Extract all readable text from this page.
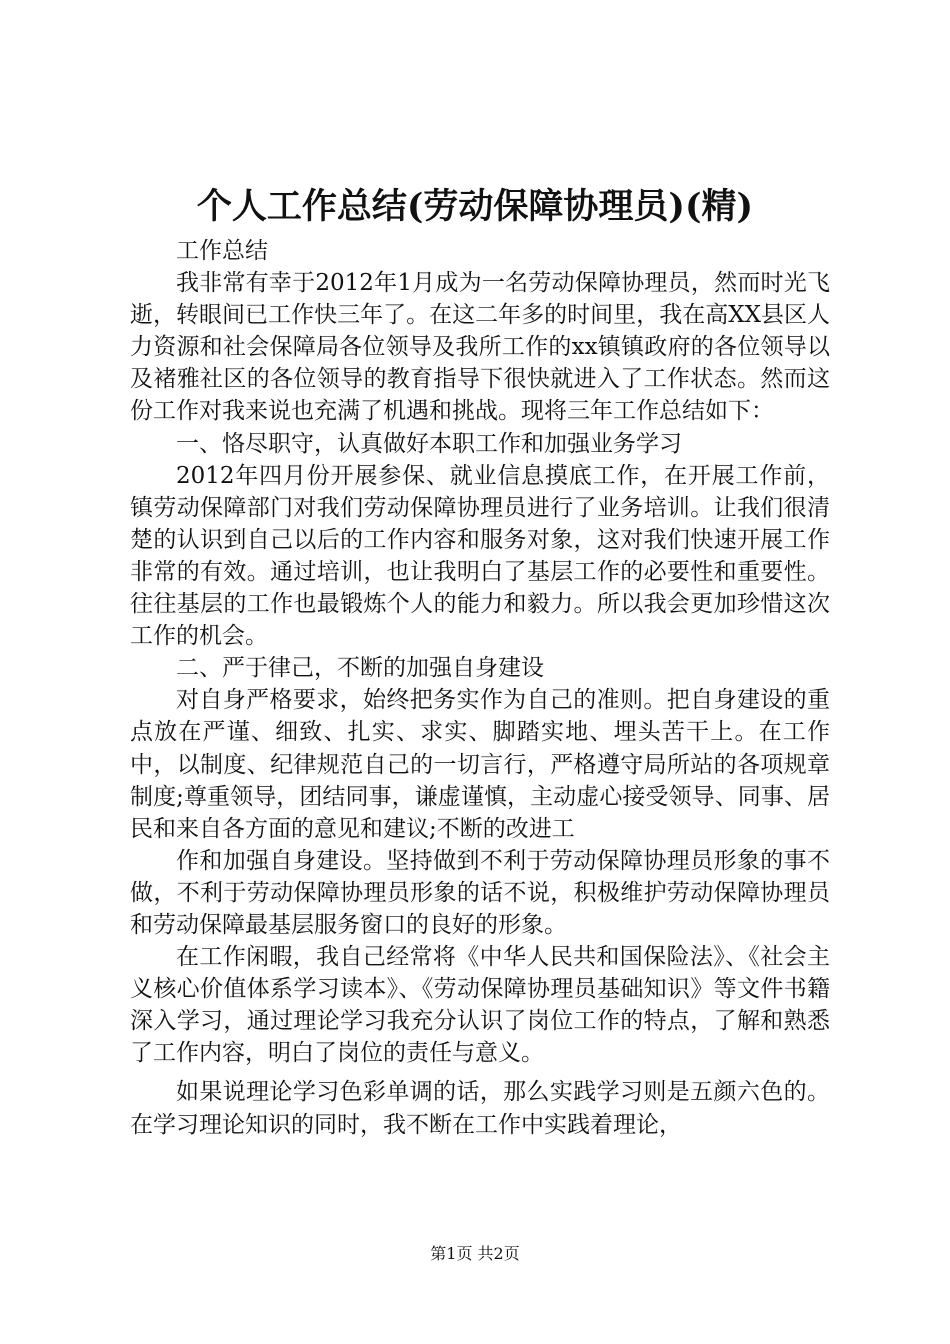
个人工作总结(劳动保障协理员)(精)

工作总结

我非常有幸于2012年1月成为一名劳动保障协理员，然而时光飞逝，转眼间已工作快三年了。在这二年多的时间里，我在高XX县区人力资源和社会保障局各位领导及我所工作的xx镇镇政府的各位领导以及褚雅社区的各位领导的教育指导下很快就进入了工作状态。然而这份工作对我来说也充满了机遇和挑战。现将三年工作总结如下：

一、恪尽职守，认真做好本职工作和加强业务学习

2012年四月份开展参保、就业信息摸底工作，在开展工作前，镇劳动保障部门对我们劳动保障协理员进行了业务培训。让我们很清楚的认识到自己以后的工作内容和服务对象，这对我们快速开展工作非常的有效。通过培训，也让我明白了基层工作的必要性和重要性。往往基层的工作也最锻炼个人的能力和毅力。所以我会更加珍惜这次工作的机会。

二、严于律己，不断的加强自身建设

对自身严格要求，始终把务实作为自己的准则。把自身建设的重点放在严谨、细致、扎实、求实、脚踏实地、埋头苦干上。在工作中，以制度、纪律规范自己的一切言行，严格遵守局所站的各项规章制度;尊重领导，团结同事，谦虚谨慎，主动虚心接受领导、同事、居民和来自各方面的意见和建议;不断的改进工

作和加强自身建设。坚持做到不利于劳动保障协理员形象的事不做，不利于劳动保障协理员形象的话不说，积极维护劳动保障协理员和劳动保障最基层服务窗口的良好的形象。

在工作闲暇，我自己经常将《中华人民共和国保险法》、《社会主义核心价值体系学习读本》、《劳动保障协理员基础知识》等文件书籍深入学习，通过理论学习我充分认识了岗位工作的特点，了解和熟悉了工作内容，明白了岗位的责任与意义。

如果说理论学习色彩单调的话，那么实践学习则是五颜六色的。在学习理论知识的同时，我不断在工作中实践着理论，

第1页 共2页
